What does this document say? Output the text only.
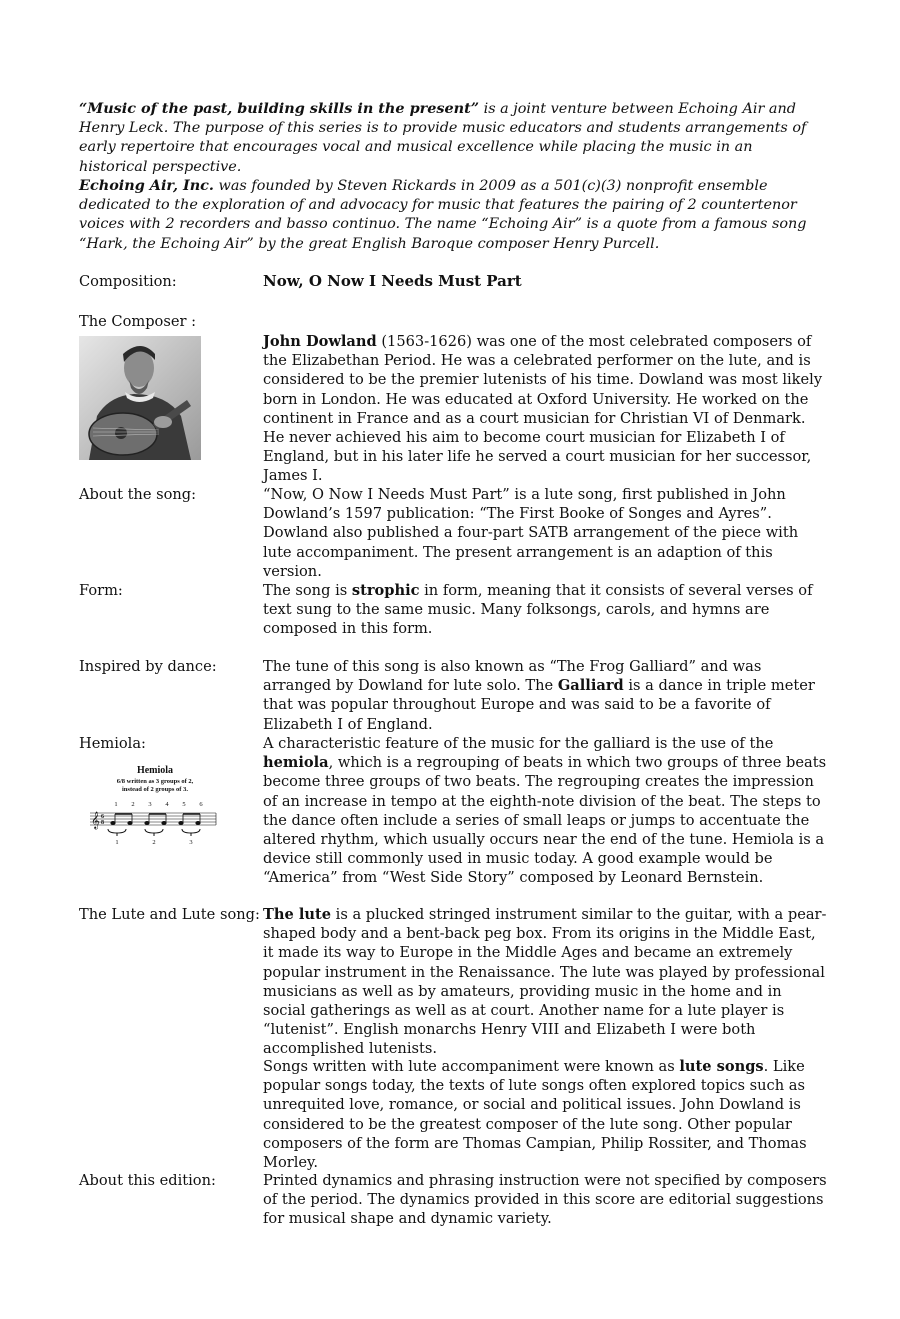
“Music of the past, building skills in the present” is a joint venture between Echoing Air and Henry Leck. The purpose of this series is to provide music educators and students arrangements of early repertoire that encourages vocal and musical excellence while placing the music in an historical perspective.

Echoing Air, Inc. was founded by Steven Rickards in 2009 as a 501(c)(3) nonprofit ensemble dedicated to the exploration of and advocacy for music that features the pairing of 2 countertenor voices with 2 recorders and basso continuo. The name “Echoing Air” is a quote from a famous song “Hark, the Echoing Air” by the great English Baroque composer Henry Purcell.

Composition:	Now, O Now I Needs Must Part

The Composer :

John Dowland (1563-1626) was one of the most celebrated composers of the Elizabethan Period. He was a celebrated performer on the lute, and is considered to be the premier lutenists of his time. Dowland was most likely born in London. He was educated at Oxford University. He worked on the continent in France and as a court musician for Christian VI of Denmark. He never achieved his aim to become court musician for Elizabeth I of England, but in his later life he served a court musician for her successor, James I.

About the song:	“Now, O Now I Needs Must Part” is a lute song, first published in John Dowland’s 1597 publication: “The First Booke of Songes and Ayres”. Dowland also published a four-part SATB arrangement of the piece with lute accompaniment. The present arrangement is an adaption of this version.

Form:	The song is strophic in form, meaning that it consists of several verses of text sung to the same music. Many folksongs, carols, and hymns are composed in this form.

Inspired by dance:	The tune of this song is also known as “The Frog Galliard” and was arranged by Dowland for lute solo. The Galliard is a dance in triple meter that was popular throughout Europe and was said to be a favorite of Elizabeth I of England.

Hemiola:	A characteristic feature of the music for the galliard is the use of the hemiola, which is a regrouping of beats in which two groups of three beats
become three groups of two beats. The regrouping creates the impression of an increase in tempo at the eighth-note division of the beat. The steps to the dance often include a series of small leaps or jumps to accentuate the altered rhythm, which usually occurs near the end of the tune. Hemiola is a device still commonly used in music today. A good example would be “America” from “West Side Story” composed by Leonard Bernstein.

Hemiola
6/8 written as 3 groups of 2,
instead of 2 groups of 3.
1 2 3 4 5 6
1	2	3
𝄞 6
8

The Lute and Lute song: The lute is a plucked stringed instrument similar to the guitar, with a pear-shaped body and a bent-back peg box. From its origins in the Middle East, it made its way to Europe in the Middle Ages and became an extremely popular instrument in the Renaissance. The lute was played by professional musicians as well as by amateurs, providing music in the home and in social gatherings as well as at court. Another name for a lute player is “lutenist”. English monarchs Henry VIII and Elizabeth I were both accomplished lutenists.

Songs written with lute accompaniment were known as lute songs. Like popular songs today, the texts of lute songs often explored topics such as unrequited love, romance, or social and political issues. John Dowland is considered to be the greatest composer of the lute song. Other popular composers of the form are Thomas Campian, Philip Rossiter, and Thomas Morley.

About this edition:	Printed dynamics and phrasing instruction were not specified by composers of the period. The dynamics provided in this score are editorial suggestions for musical shape and dynamic variety.
